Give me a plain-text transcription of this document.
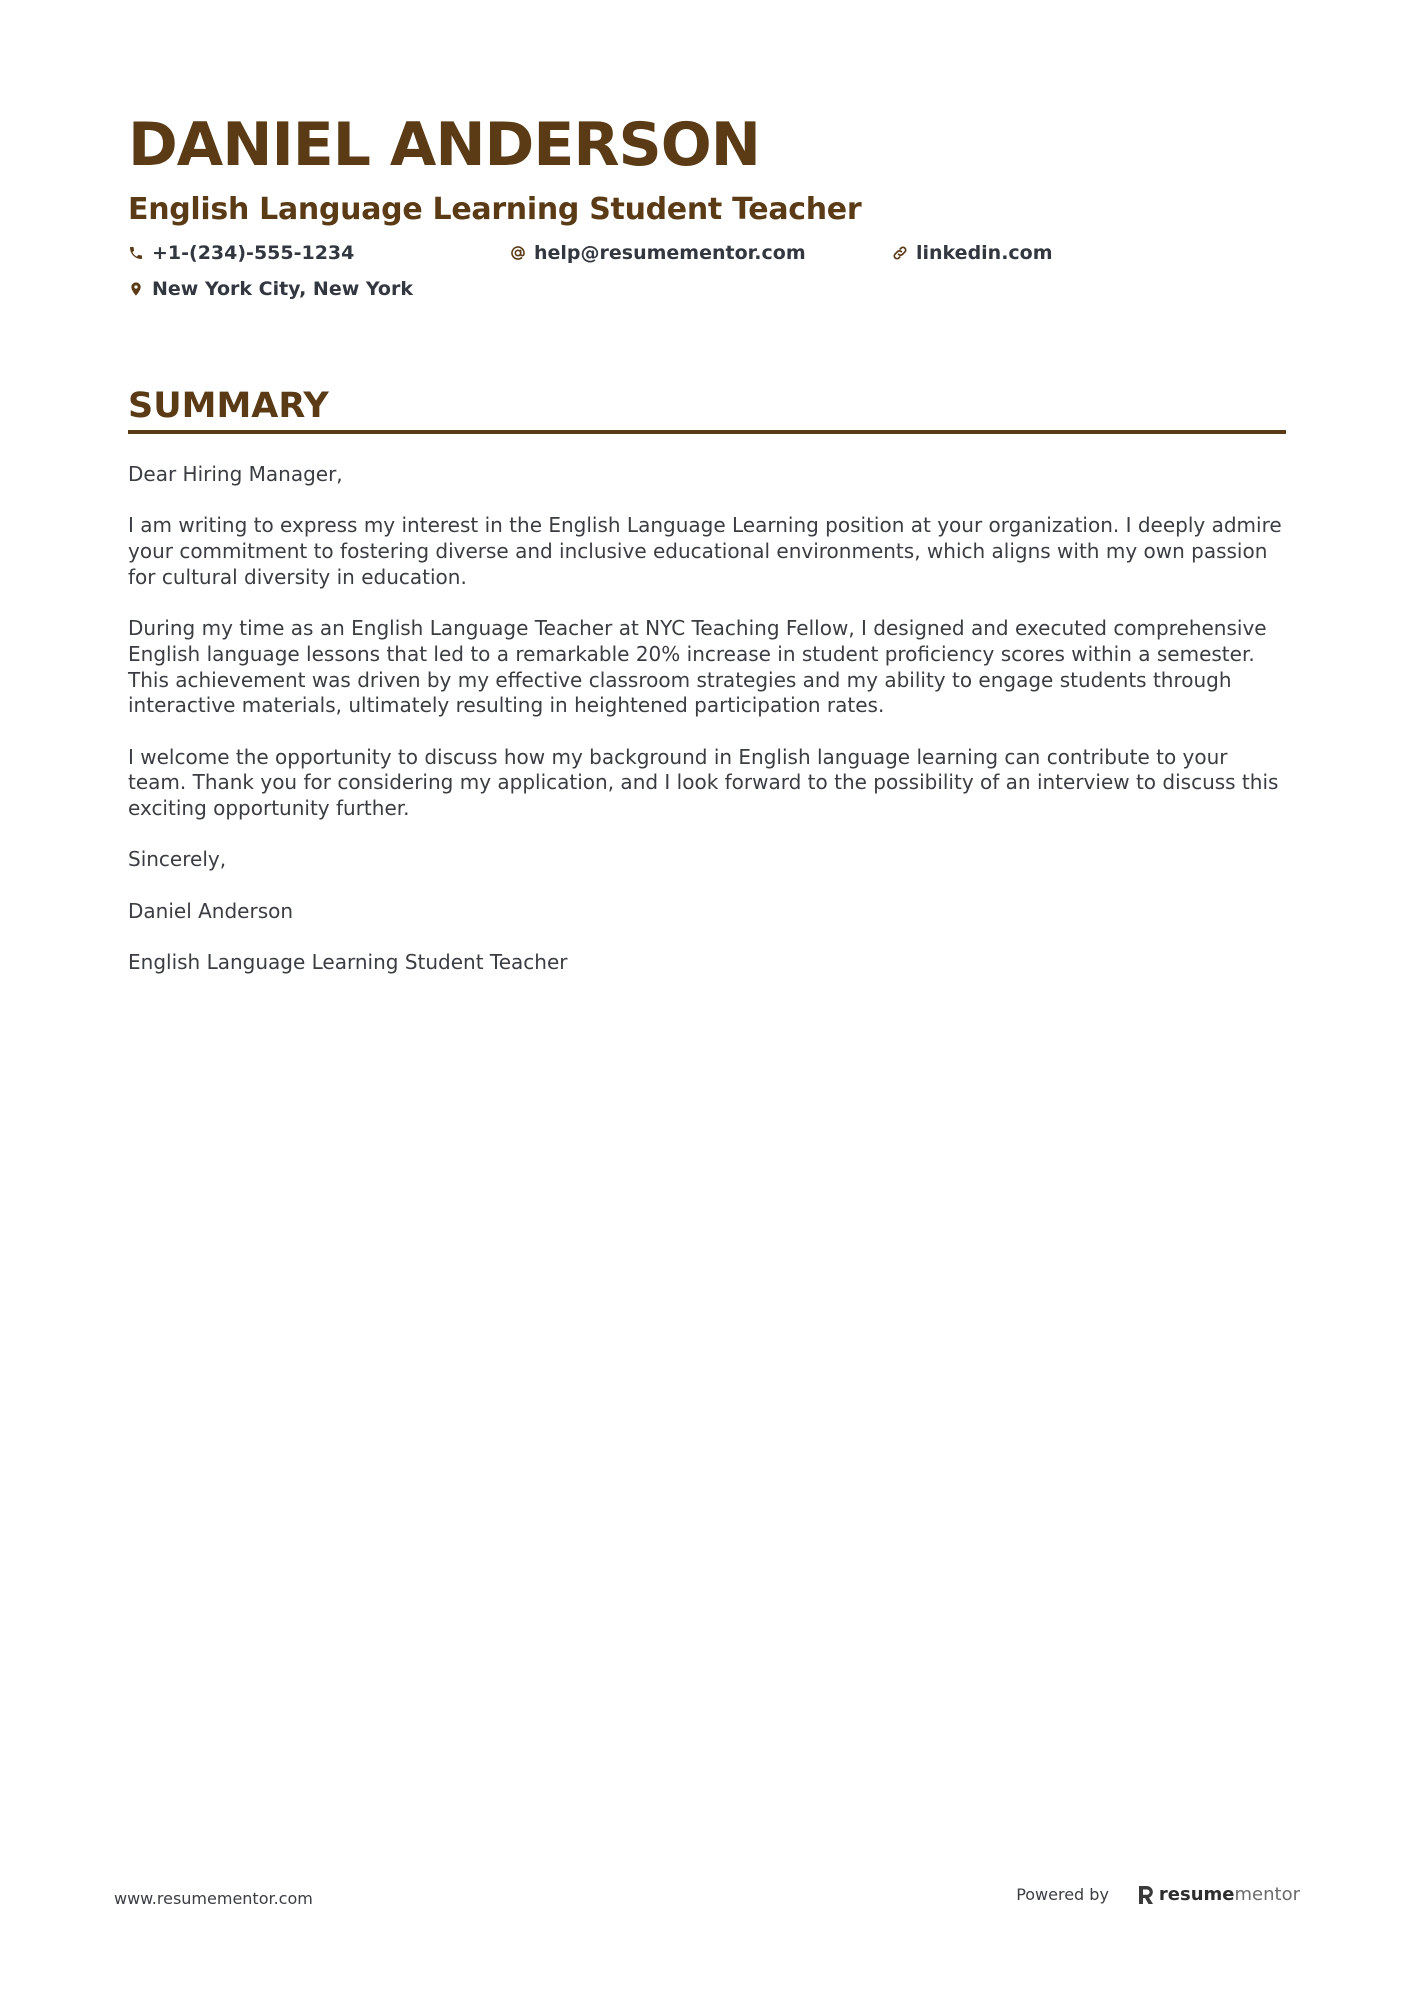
DANIEL ANDERSON
English Language Learning Student Teacher
+1-(234)-555-1234	help@resumementor.com	linkedin.com
New York City, New York
SUMMARY

Dear Hiring Manager,

I am writing to express my interest in the English Language Learning position at your organization. I deeply admire your commitment to fostering diverse and inclusive educational environments, which aligns with my own passion for cultural diversity in education.

During my time as an English Language Teacher at NYC Teaching Fellow, I designed and executed comprehensive English language lessons that led to a remarkable 20% increase in student proficiency scores within a semester. This achievement was driven by my effective classroom strategies and my ability to engage students through interactive materials, ultimately resulting in heightened participation rates.

I welcome the opportunity to discuss how my background in English language learning can contribute to your team. Thank you for considering my application, and I look forward to the possibility of an interview to discuss this exciting opportunity further.

Sincerely,

Daniel Anderson

English Language Learning Student Teacher

www.resumementor.com	Powered by	resume mentor
